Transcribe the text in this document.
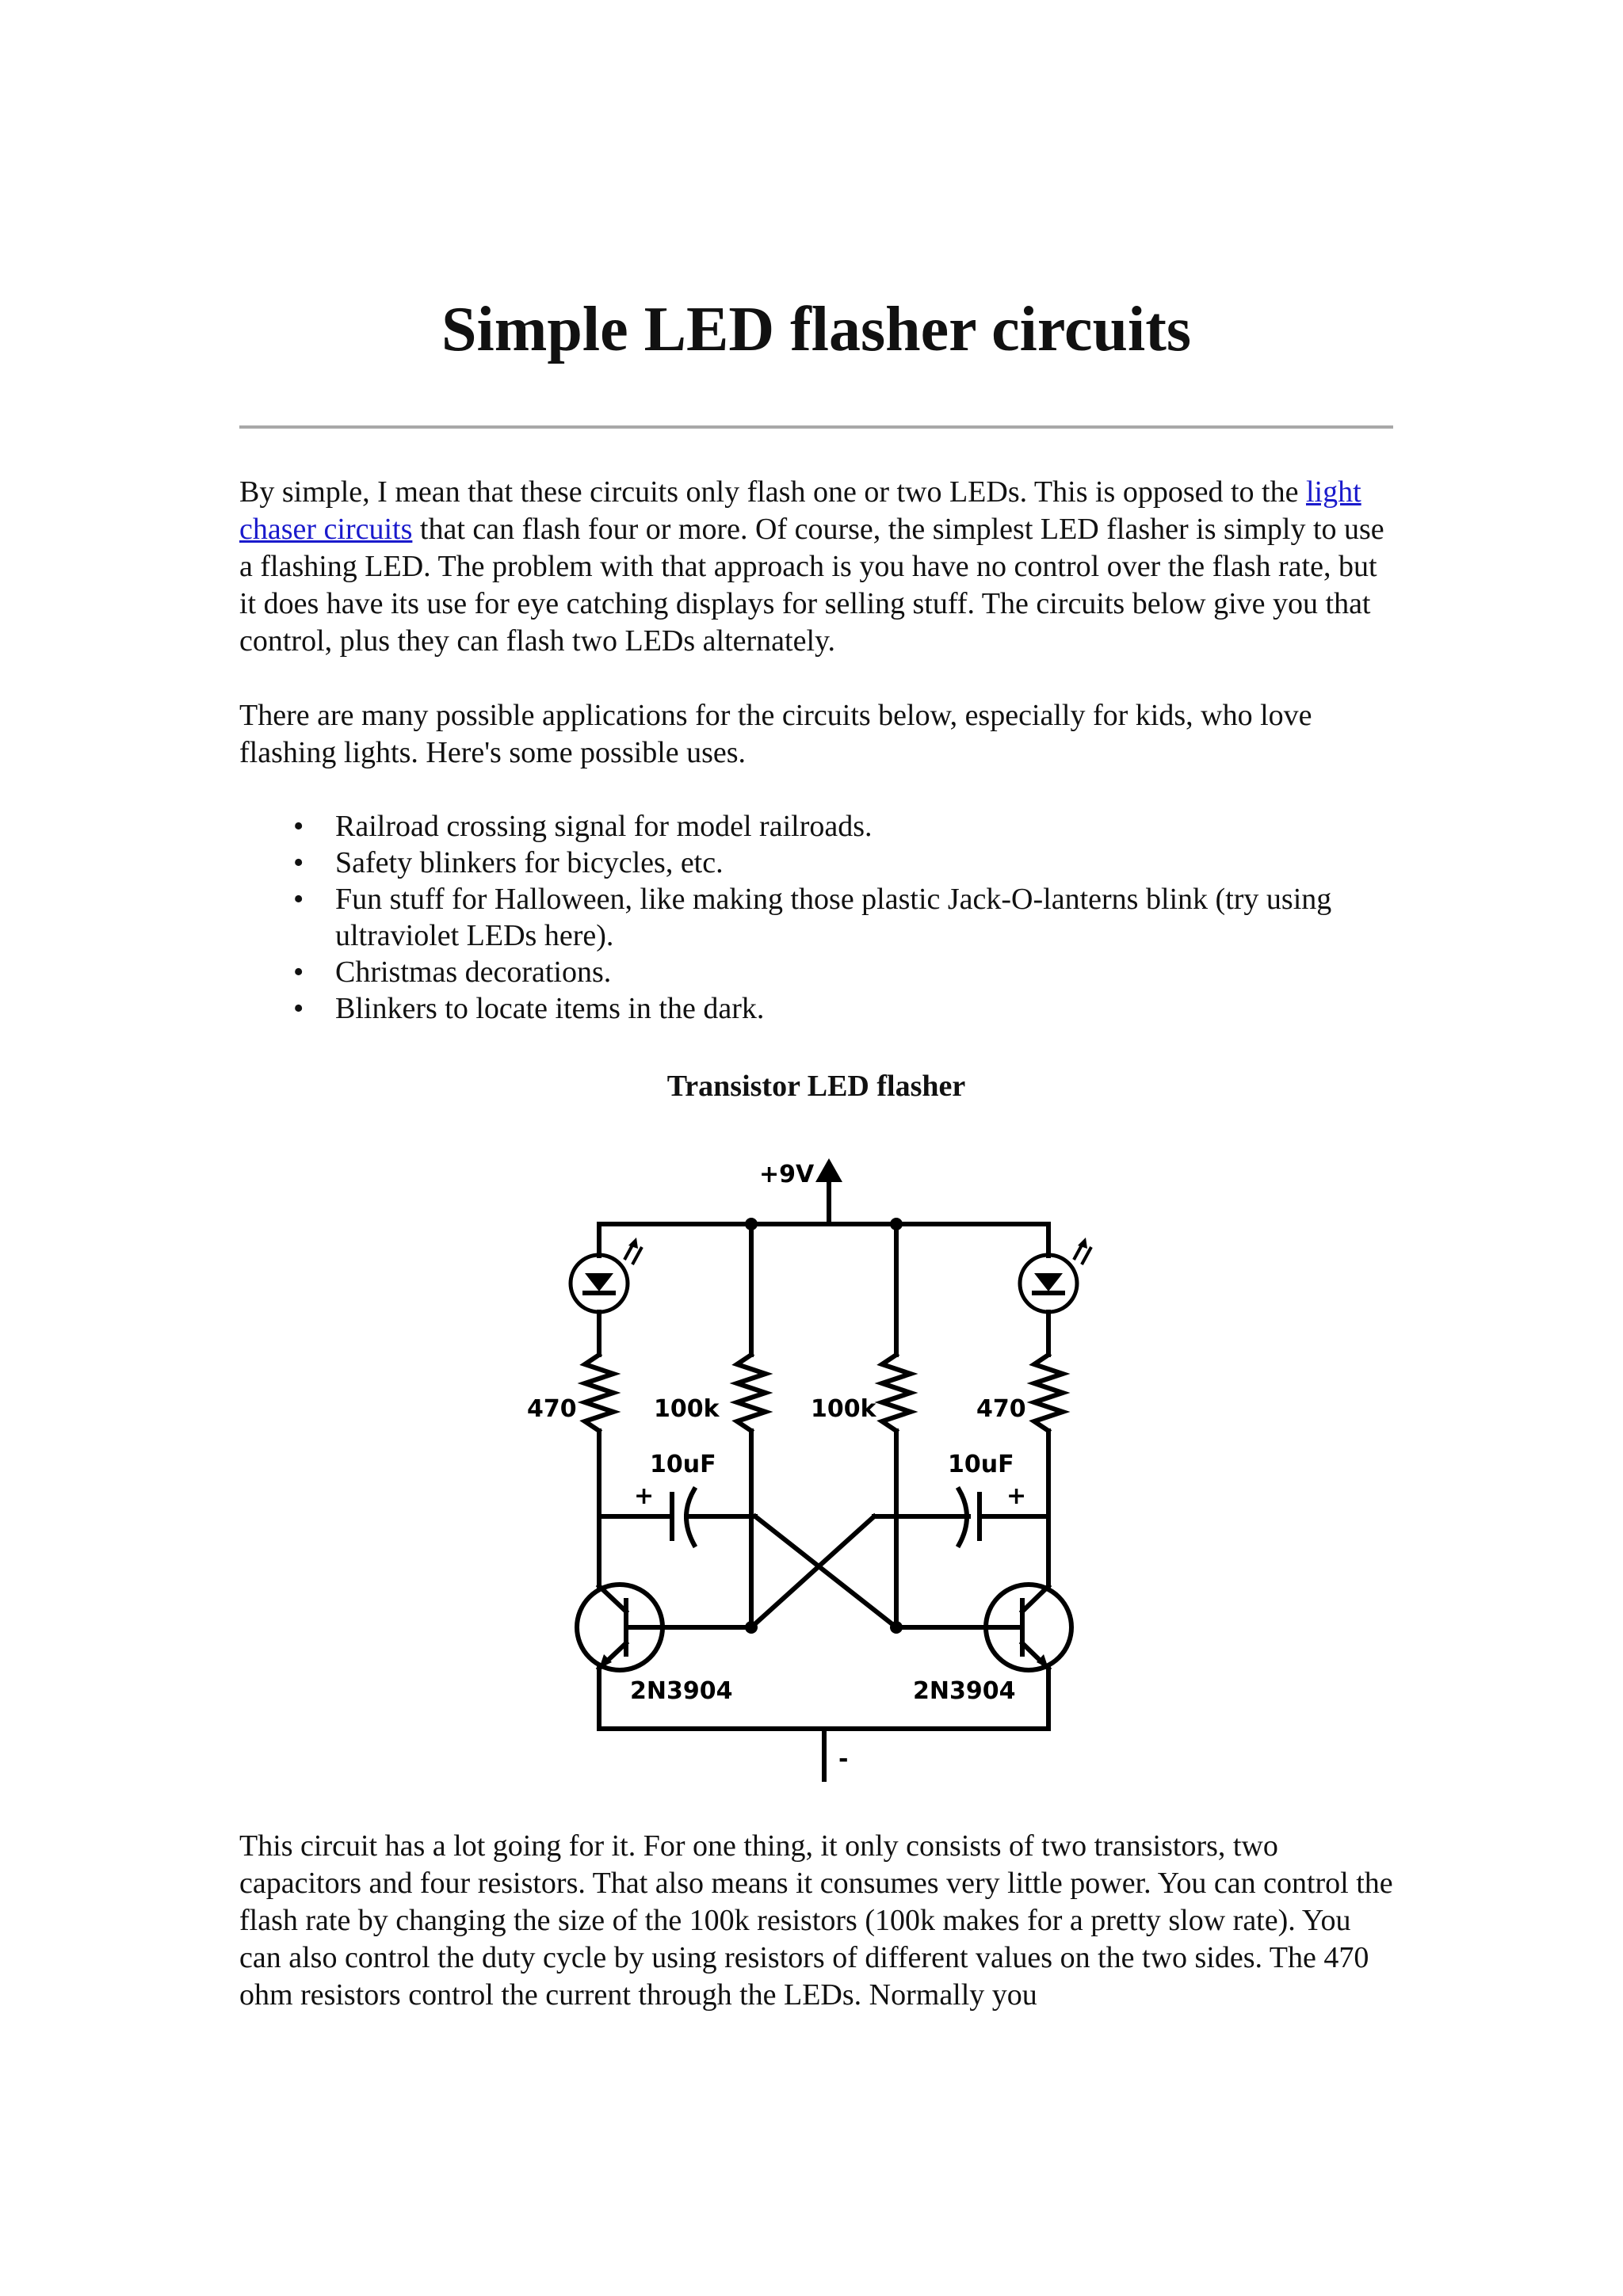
Simple LED flasher circuits

By simple, I mean that these circuits only flash one or two LEDs. This is opposed to the light chaser circuits that can flash four or more. Of course, the simplest LED flasher is simply to use a flashing LED. The problem with that approach is you have no control over the flash rate, but it does have its use for eye catching displays for selling stuff. The circuits below give you that control, plus they can flash two LEDs alternately.

There are many possible applications for the circuits below, especially for kids, who love flashing lights. Here's some possible uses.

• Railroad crossing signal for model railroads.
• Safety blinkers for bicycles, etc.
• Fun stuff for Halloween, like making those plastic Jack-O-lanterns blink (try using ultraviolet LEDs here).
• Christmas decorations.
• Blinkers to locate items in the dark.
Transistor LED flasher

This circuit has a lot going for it. For one thing, it only consists of two transistors, two capacitors and four resistors. That also means it consumes very little power. You can control the flash rate by changing the size of the 100k resistors (100k makes for a pretty slow rate). You can also control the duty cycle by using resistors of different values on the two sides. The 470 ohm resistors control the current through the LEDs. Normally you

+9V
470	100k	100k	470
10uF
+
10uF
+
2N3904	2N3904
-
